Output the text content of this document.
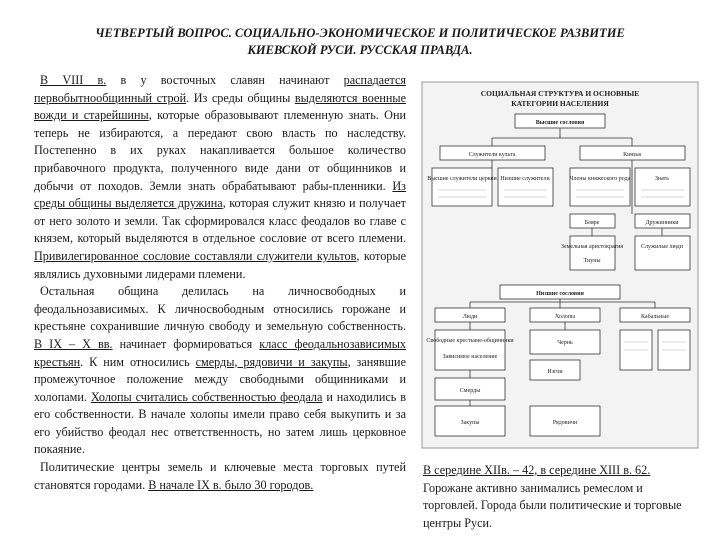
ЧЕТВЕРТЫЙ ВОПРОС. СОЦИАЛЬНО-ЭКОНОМИЧЕСКОЕ И ПОЛИТИЧЕСКОЕ РАЗВИТИЕ
КИЕВСКОЙ РУСИ. РУССКАЯ ПРАВДА.

В VIII в. в у восточных славян начинают распадается первобытнообщинный строй. Из среды общины выделяются военные вожди и старейшины, которые образовывают племенную знать. Они теперь не избираются, а передают свою власть по наследству. Постепенно в их руках накапливается большое количество прибавочного продукта, полученного виде дани от общинников и добычи от походов. Земли знать обрабатывают рабы-пленники. Из среды общины выделяется дружина, которая служит князю и получает от него золото и земли. Так сформировался класс феодалов во главе с князем, который выделяются в отдельное сословие от всего племени. Привилегированное сословие составляли служители культов, которые являлись духовными лидерами племени.

Остальная община делилась на личносвободных и феодальнозависимых. К личносвободным относились горожане и крестьяне сохранившие личную свободу и земельную собственность. В IX – X вв. начинает формироваться класс феодальнозависимых крестьян. К ним относились смерды, рядовичи и закупы, занявшие промежуточное положение между свободными общинниками и холопами. Холопы считались собственностью феодала и находились в его собственности. В начале холопы имели право себя выкупить и за его убийство феодал нес ответственность, но затем лишь церковное покаяние.

Политические центры земель и ключевые места торговых путей становятся городами. В начале IX в. было 30 городов.

СОЦИАЛЬНАЯ СТРУКТУРА И ОСНОВНЫЕ
КАТЕГОРИИ НАСЕЛЕНИЯ
Высшие сословия
Служители культа	Князья
Высшие служители церкви Низшие служители	Члены княжеского рода	Знать
Бояре	Дружинники
Земельная аристократия	Служилые люди
Тиуны
Низшие сословия
Люди	Холопы	Кабальные
Свободные крестьяне-общинники
Зависимое население
Смерды
Чернь
Изгои
Закупы	Рядовичи
В середине XIIв. – 42, в середине XIII в. 62. Горожане активно занимались ремеслом и торговлей. Города были политические и торговые центры Руси.
